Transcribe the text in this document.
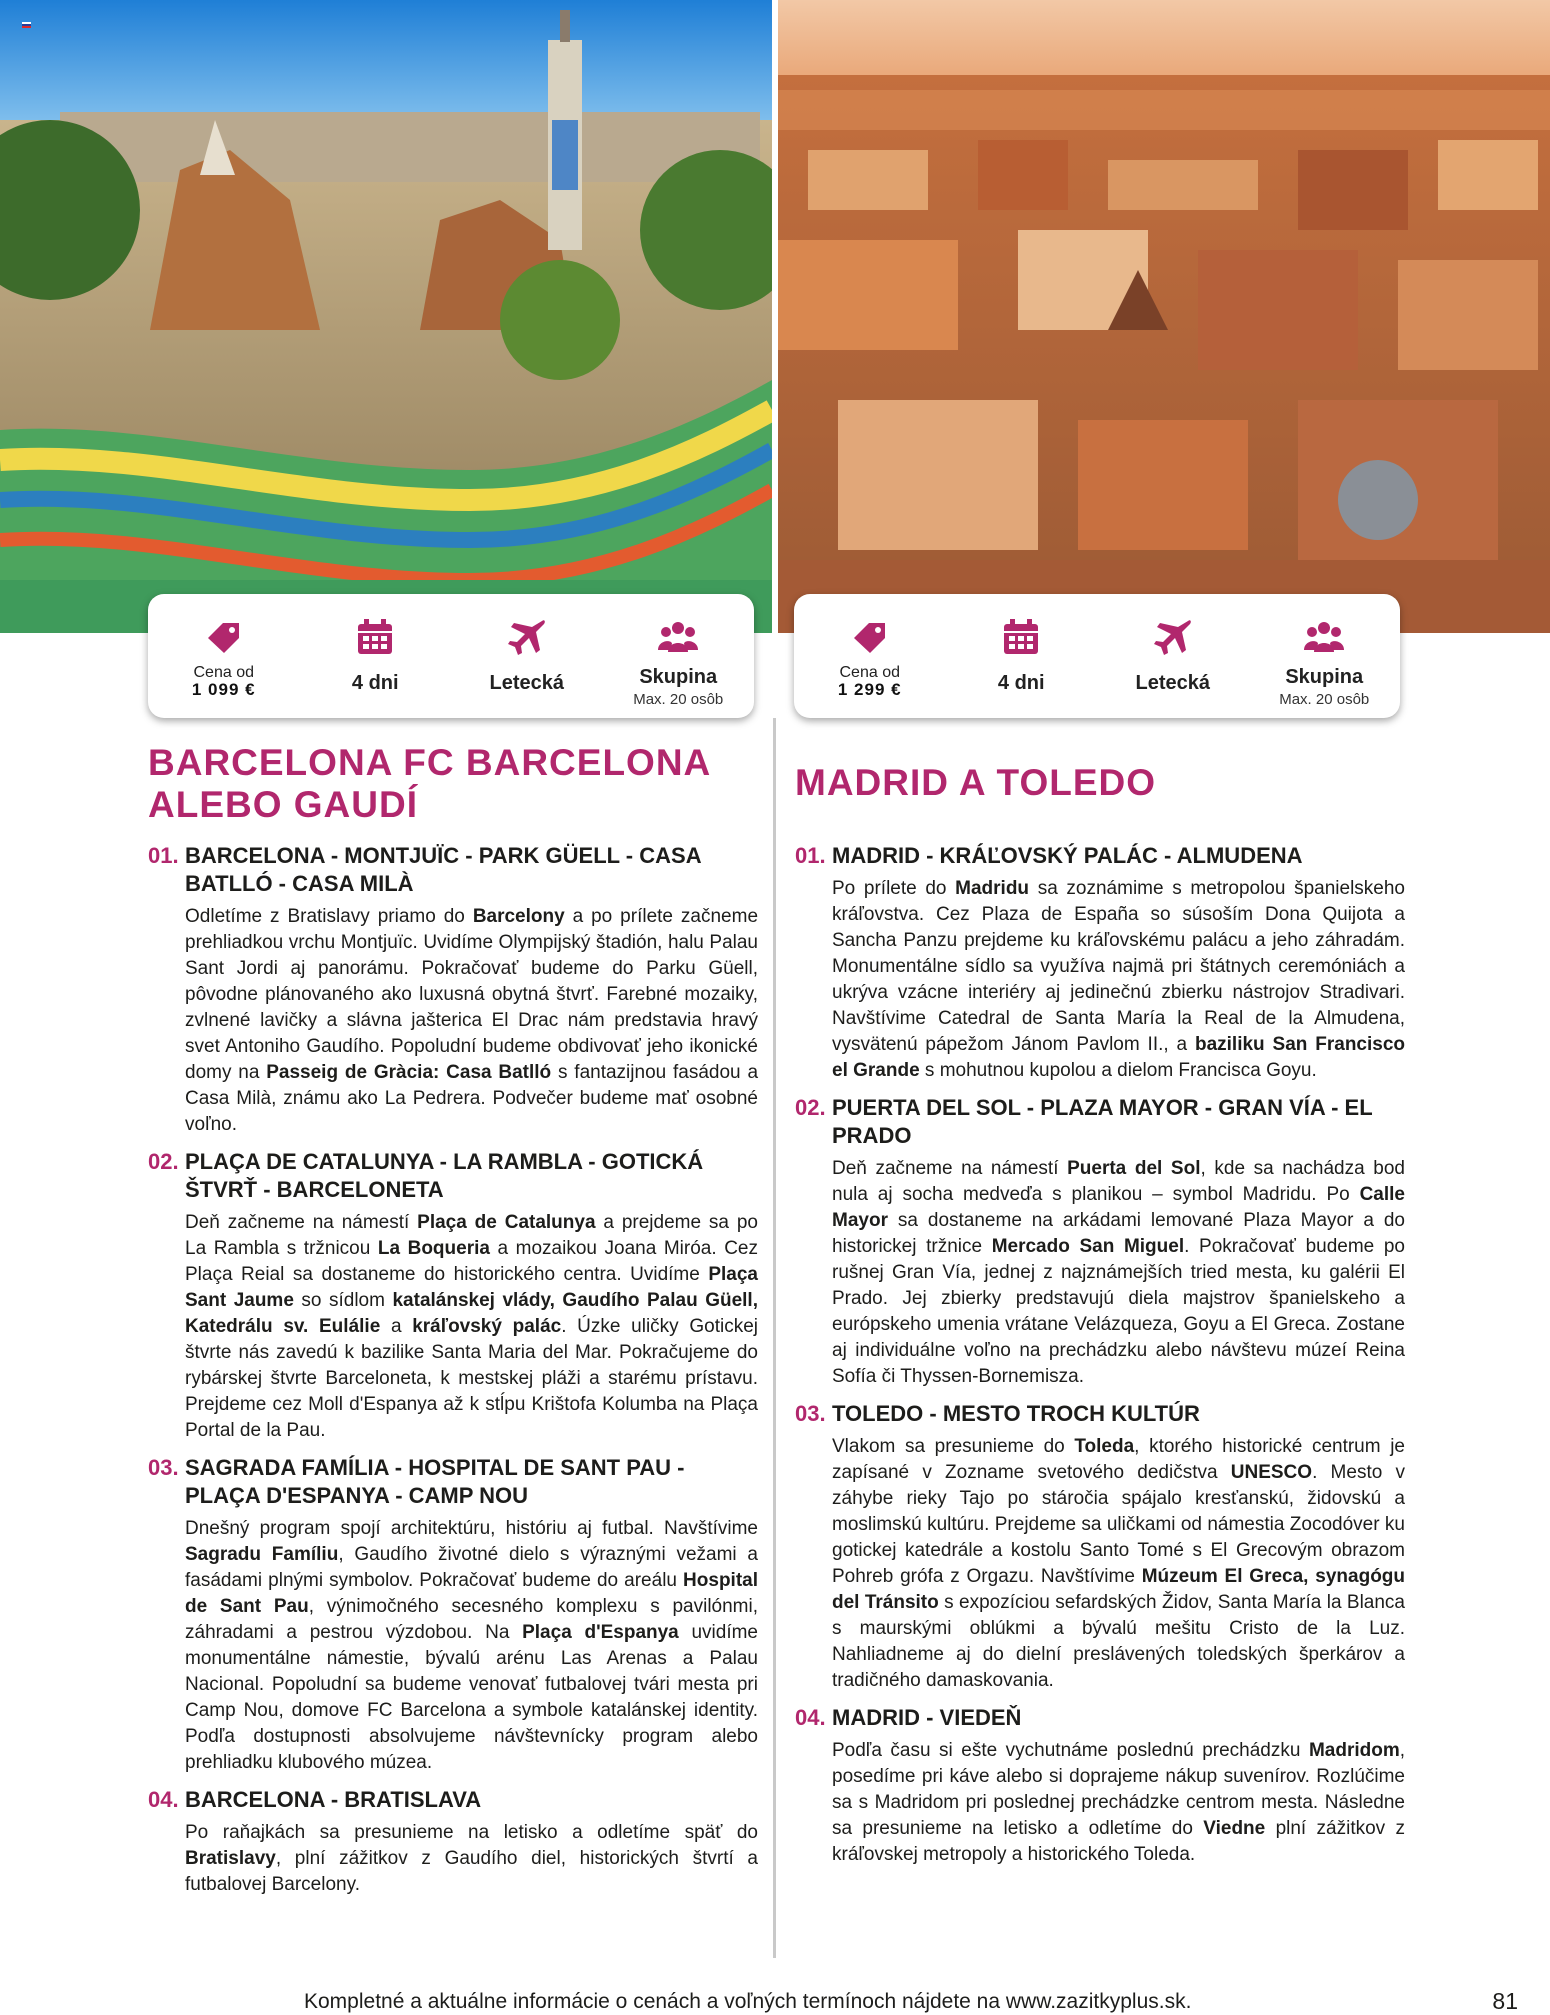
Cena od
1 099 €	4 dni	Letecká	Skupina
Max. 20 osôb
BARCELONA FC BARCELONA ALEBO GAUDÍ
01. BARCELONA - MONTJUÏC - PARK GÜELL - CASA BATLLÓ - CASA MILÀ

Odletíme z Bratislavy priamo do Barcelony a po prílete začneme prehliadkou vrchu Montjuïc. Uvidíme Olympijský štadión, halu Palau Sant Jordi aj panorámu. Pokračovať budeme do Parku Güell, pôvodne plánovaného ako luxusná obytná štvrť. Farebné mozaiky, zvlnené lavičky a slávna jašterica El Drac nám predstavia hravý svet Antoniho Gaudího. Popoludní budeme obdivovať jeho ikonické domy na Passeig de Gràcia: Casa Batlló s fantazijnou fasádou a Casa Milà, známu ako La Pedrera. Podvečer budeme mať osobné voľno.

02. PLAÇA DE CATALUNYA - LA RAMBLA - GOTICKÁ ŠTVRŤ - BARCELONETA

Deň začneme na námestí Plaça de Catalunya a prejdeme sa po La Rambla s tržnicou La Boqueria a mozaikou Joana Miróa. Cez Plaça Reial sa dostaneme do historického centra. Uvidíme Plaça Sant Jaume so sídlom katalánskej vlády, Gaudího Palau Güell, Katedrálu sv. Eulálie a kráľovský palác. Úzke uličky Gotickej štvrte nás zavedú k bazilike Santa Maria del Mar. Pokračujeme do rybárskej štvrte Barceloneta, k mestskej pláži a starému prístavu. Prejdeme cez Moll d'Espanya až k stĺpu Krištofa Kolumba na Plaça Portal de la Pau.

03. SAGRADA FAMÍLIA - HOSPITAL DE SANT PAU - PLAÇA D'ESPANYA - CAMP NOU

Dnešný program spojí architektúru, históriu aj futbal. Navštívime Sagradu Famíliu, Gaudího životné dielo s výraznými vežami a fasádami plnými symbolov. Pokračovať budeme do areálu Hospital de Sant Pau, výnimočného secesného komplexu s pavilónmi, záhradami a pestrou výzdobou. Na Plaça d'Espanya uvidíme monumentálne námestie, bývalú arénu Las Arenas a Palau Nacional. Popoludní sa budeme venovať futbalovej tvári mesta pri Camp Nou, domove FC Barcelona a symbole katalánskej identity. Podľa dostupnosti absolvujeme návštevnícky program alebo prehliadku klubového múzea.

04. BARCELONA - BRATISLAVA

Po raňajkách sa presunieme na letisko a odletíme späť do Bratislavy, plní zážitkov z Gaudího diel, historických štvrtí a futbalovej Barcelony.

Cena od
1 299 €	4 dni	Letecká	Skupina
Max. 20 osôb
MADRID A TOLEDO
01. MADRID - KRÁĽOVSKÝ PALÁC - ALMUDENA

Po prílete do Madridu sa zoznámime s metropolou španielskeho kráľovstva. Cez Plaza de España so súsoším Dona Quijota a Sancha Panzu prejdeme ku kráľovskému palácu a jeho záhradám. Monumentálne sídlo sa využíva najmä pri štátnych ceremóniách a ukrýva vzácne interiéry aj jedinečnú zbierku nástrojov Stradivari. Navštívime Catedral de Santa María la Real de la Almudena, vysvätenú pápežom Jánom Pavlom II., a baziliku San Francisco el Grande s mohutnou kupolou a dielom Francisca Goyu.

02. PUERTA DEL SOL - PLAZA MAYOR - GRAN VÍA - EL PRADO

Deň začneme na námestí Puerta del Sol, kde sa nachádza bod nula aj socha medveďa s planikou – symbol Madridu. Po Calle Mayor sa dostaneme na arkádami lemované Plaza Mayor a do historickej tržnice Mercado San Miguel. Pokračovať budeme po rušnej Gran Vía, jednej z najznámejších tried mesta, ku galérii El Prado. Jej zbierky predstavujú diela majstrov španielskeho a európskeho umenia vrátane Velázqueza, Goyu a El Greca. Zostane aj individuálne voľno na prechádzku alebo návštevu múzeí Reina Sofía či Thyssen-Bornemisza.

03. TOLEDO - MESTO TROCH KULTÚR

Vlakom sa presunieme do Toleda, ktorého historické centrum je zapísané v Zozname svetového dedičstva UNESCO. Mesto v záhybe rieky Tajo po stáročia spájalo kresťanskú, židovskú a moslimskú kultúru. Prejdeme sa uličkami od námestia Zocodóver ku gotickej katedrále a kostolu Santo Tomé s El Grecovým obrazom Pohreb grófa z Orgazu. Navštívime Múzeum El Greca, synagógu del Tránsito s expozíciou sefardských Židov, Santa María la Blanca s maurskými oblúkmi a bývalú mešitu Cristo de la Luz. Nahliadneme aj do dielní preslávených toledských šperkárov a tradičného damaskovania.

04. MADRID - VIEDEŇ

Podľa času si ešte vychutnáme poslednú prechádzku Madridom, posedíme pri káve alebo si doprajeme nákup suvenírov. Rozlúčime sa s Madridom pri poslednej prechádzke centrom mesta. Následne sa presunieme na letisko a odletíme do Viedne plní zážitkov z kráľovskej metropoly a historického Toleda.

Kompletné a aktuálne informácie o cenách a voľných termínoch nájdete na www.zazitkyplus.sk.	81
